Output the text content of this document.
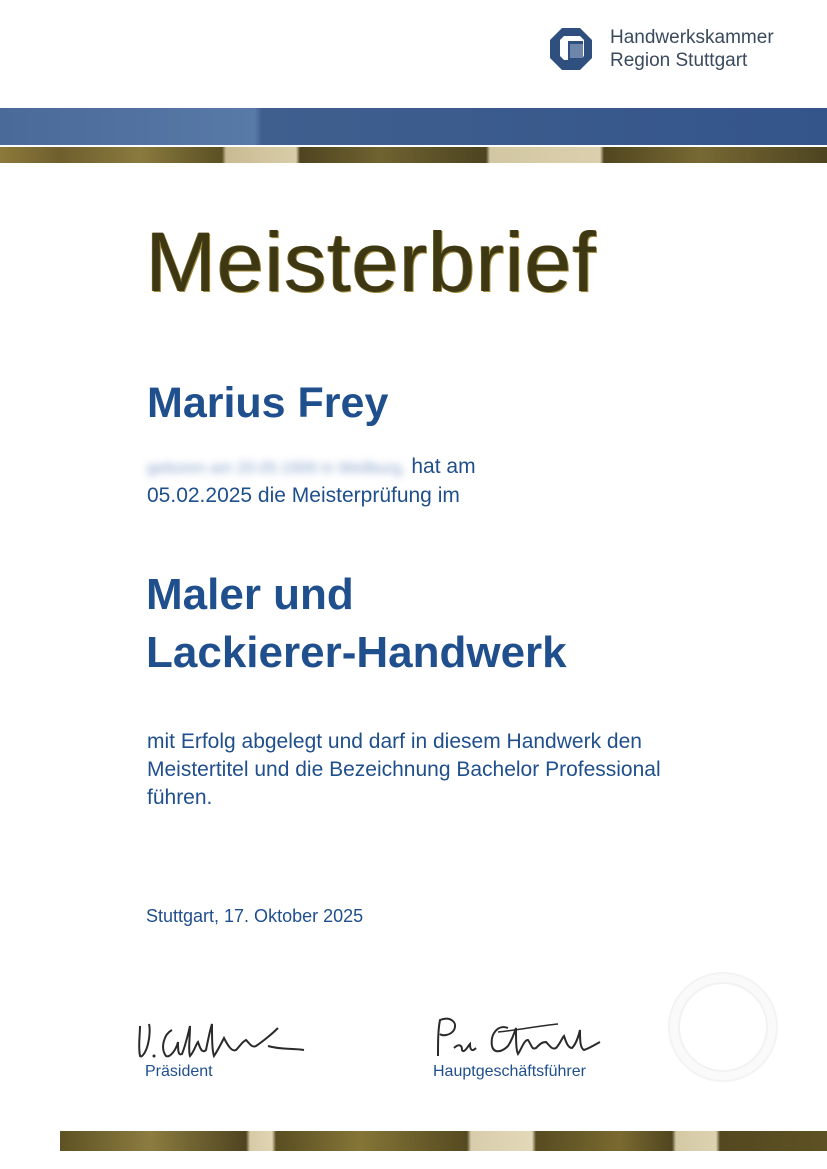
Handwerkskammer
Region Stuttgart
Meisterbrief
Marius Frey
geboren am 20.05.1999 in Weilburg, hat am
05.02.2025 die Meisterprüfung im
Maler und
Lackierer-Handwerk
mit Erfolg abgelegt und darf in diesem Handwerk den
Meistertitel und die Bezeichnung Bachelor Professional
führen.
Stuttgart, 17. Oktober 2025
Präsident	Hauptgeschäftsführer
